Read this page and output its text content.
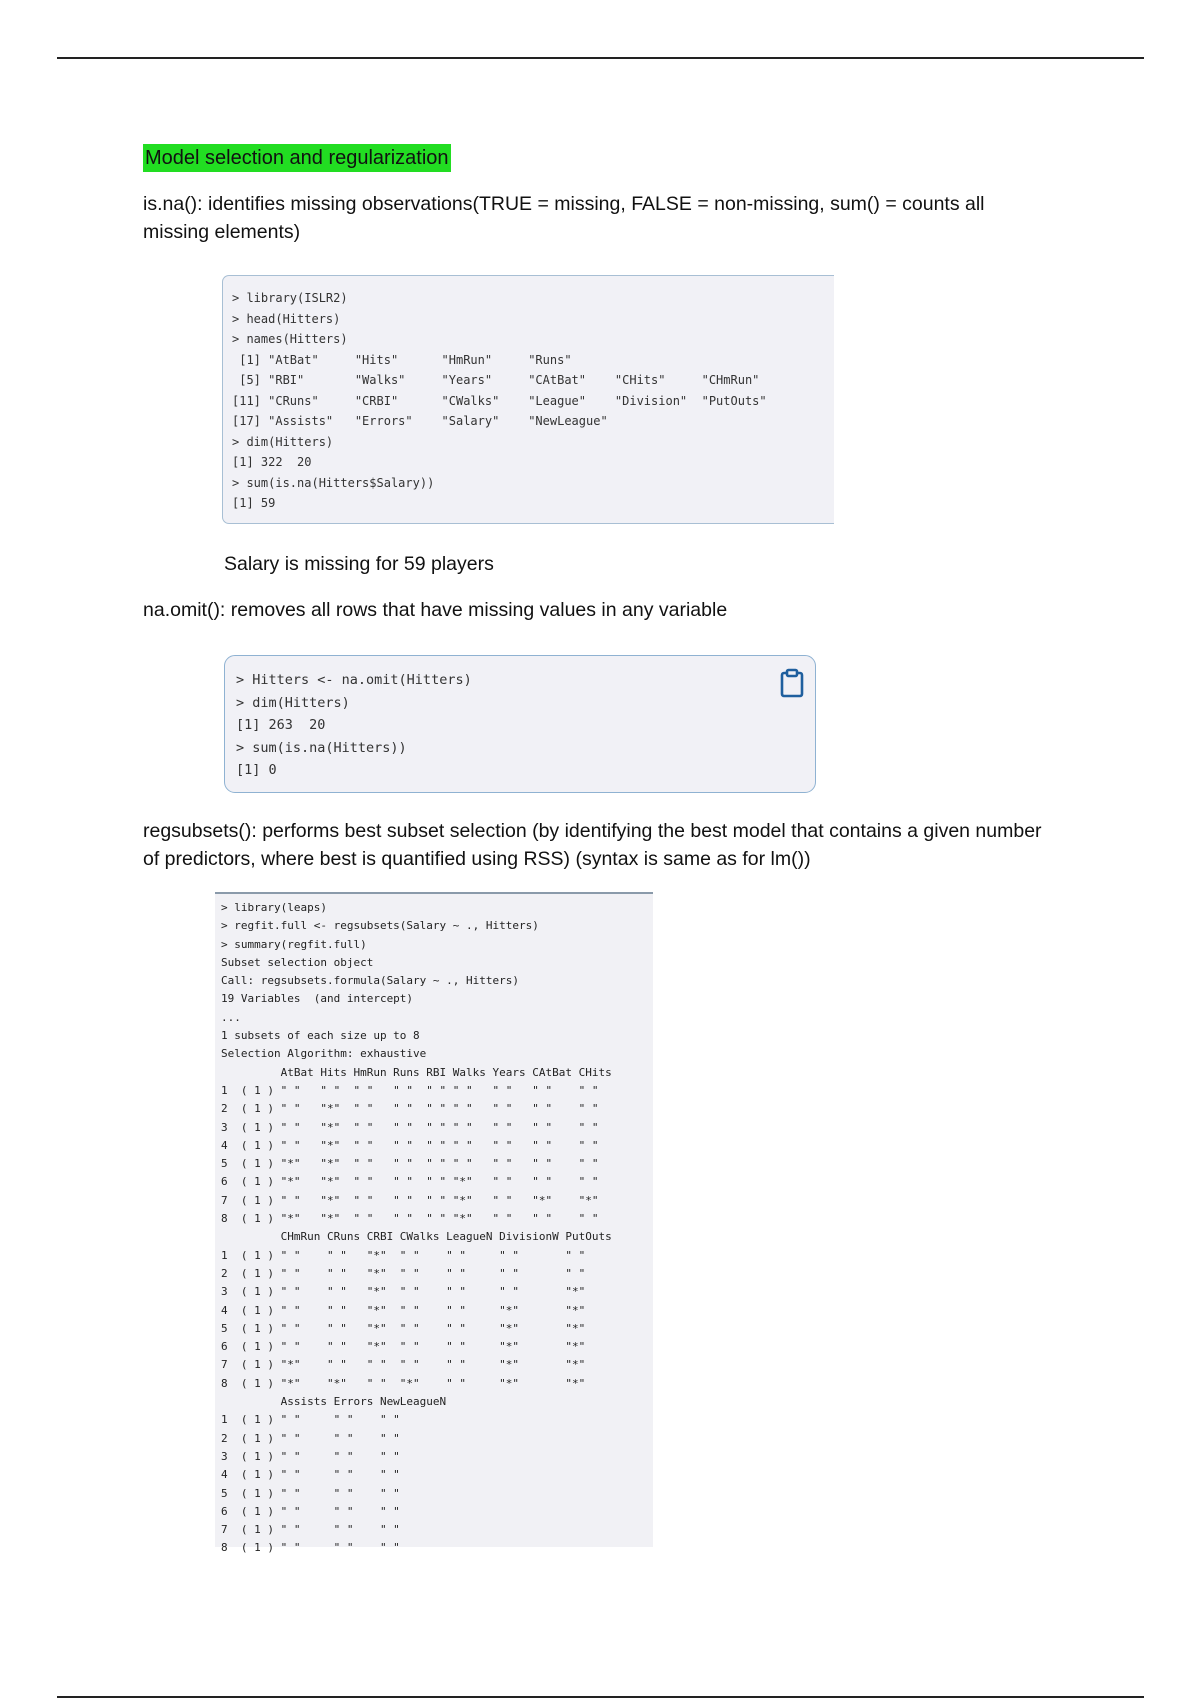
Model selection and regularization

is.na(): identifies missing observations(TRUE = missing, FALSE = non-missing, sum() = counts all missing elements)

> library(ISLR2)
> head(Hitters)
> names(Hitters)
[1] "AtBat"     "Hits"      "HmRun"     "Runs"
[5] "RBI"       "Walks"     "Years"     "CAtBat"    "CHits"     "CHmRun"
[11] "CRuns"     "CRBI"      "CWalks"    "League"    "Division"  "PutOuts"
[17] "Assists"   "Errors"    "Salary"    "NewLeague"
> dim(Hitters)
[1] 322  20
> sum(is.na(Hitters$Salary))
[1] 59

Salary is missing for 59 players

na.omit(): removes all rows that have missing values in any variable

> Hitters <- na.omit(Hitters)
> dim(Hitters)
[1] 263  20
> sum(is.na(Hitters))
[1] 0

regsubsets(): performs best subset selection (by identifying the best model that contains a given number of predictors, where best is quantified using RSS) (syntax is same as for lm())

> library(leaps)
> regfit.full <- regsubsets(Salary ~ ., Hitters)
> summary(regfit.full)
Subset selection object
Call: regsubsets.formula(Salary ~ ., Hitters)
19 Variables  (and intercept)
...
1 subsets of each size up to 8
Selection Algorithm: exhaustive
AtBat Hits HmRun Runs RBI Walks Years CAtBat CHits
1  ( 1 ) " "   " "  " "   " "  " " " "   " "   " "    " "
2  ( 1 ) " "   "*"  " "   " "  " " " "   " "   " "    " "
3  ( 1 ) " "   "*"  " "   " "  " " " "   " "   " "    " "
4  ( 1 ) " "   "*"  " "   " "  " " " "   " "   " "    " "
5  ( 1 ) "*"   "*"  " "   " "  " " " "   " "   " "    " "
6  ( 1 ) "*"   "*"  " "   " "  " " "*"   " "   " "    " "
7  ( 1 ) " "   "*"  " "   " "  " " "*"   " "   "*"    "*"
8  ( 1 ) "*"   "*"  " "   " "  " " "*"   " "   " "    " "
CHmRun CRuns CRBI CWalks LeagueN DivisionW PutOuts
1  ( 1 ) " "    " "   "*"  " "    " "     " "       " "
2  ( 1 ) " "    " "   "*"  " "    " "     " "       " "
3  ( 1 ) " "    " "   "*"  " "    " "     " "       "*"
4  ( 1 ) " "    " "   "*"  " "    " "     "*"       "*"
5  ( 1 ) " "    " "   "*"  " "    " "     "*"       "*"
6  ( 1 ) " "    " "   "*"  " "    " "     "*"       "*"
7  ( 1 ) "*"    " "   " "  " "    " "     "*"       "*"
8  ( 1 ) "*"    "*"   " "  "*"    " "     "*"       "*"
Assists Errors NewLeagueN
1  ( 1 ) " "     " "    " "
2  ( 1 ) " "     " "    " "
3  ( 1 ) " "     " "    " "
4  ( 1 ) " "     " "    " "
5  ( 1 ) " "     " "    " "
6  ( 1 ) " "     " "    " "
7  ( 1 ) " "     " "    " "
8  ( 1 ) " "     " "    " "
